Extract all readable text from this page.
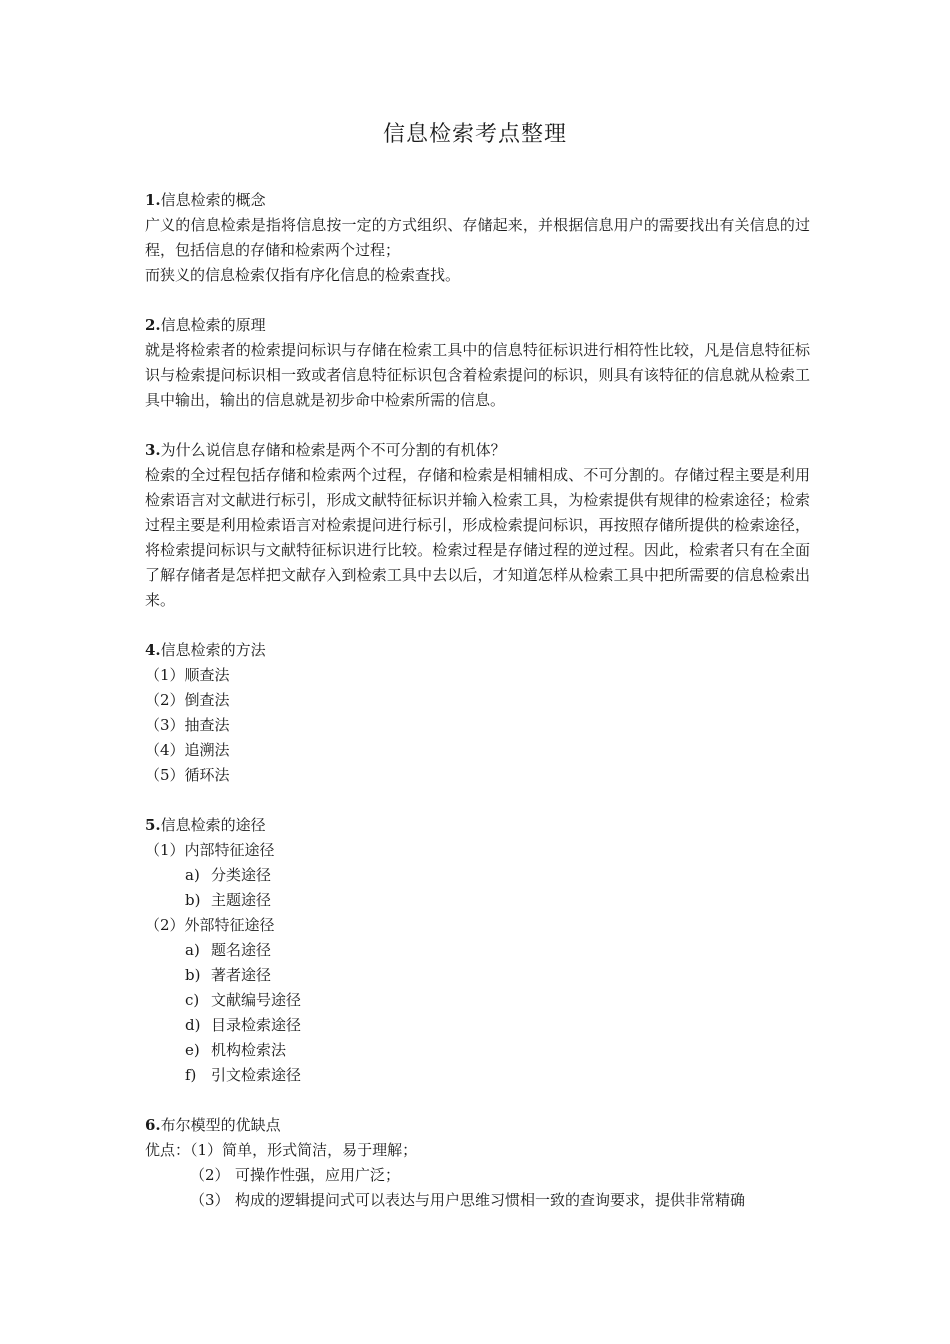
信息检索考点整理

1.信息检索的概念

广义的信息检索是指将信息按一定的方式组织、存储起来，并根据信息用户的需要找出有关信息的过程，包括信息的存储和检索两个过程；

而狭义的信息检索仅指有序化信息的检索查找。

2.信息检索的原理

就是将检索者的检索提问标识与存储在检索工具中的信息特征标识进行相符性比较，凡是信息特征标识与检索提问标识相一致或者信息特征标识包含着检索提问的标识，则具有该特征的信息就从检索工具中输出，输出的信息就是初步命中检索所需的信息。

3.为什么说信息存储和检索是两个不可分割的有机体？

检索的全过程包括存储和检索两个过程，存储和检索是相辅相成、不可分割的。存储过程主要是利用检索语言对文献进行标引，形成文献特征标识并输入检索工具，为检索提供有规律的检索途径；检索过程主要是利用检索语言对检索提问进行标引，形成检索提问标识，再按照存储所提供的检索途径，将检索提问标识与文献特征标识进行比较。检索过程是存储过程的逆过程。因此，检索者只有在全面了解存储者是怎样把文献存入到检索工具中去以后，才知道怎样从检索工具中把所需要的信息检索出来。

4.信息检索的方法

（1）顺查法
（2）倒查法
（3）抽查法
（4）追溯法
（5）循环法

5.信息检索的途径

（1）内部特征途径
a) 分类途径
b) 主题途径
（2）外部特征途径
a) 题名途径
b) 著者途径
c) 文献编号途径
d) 目录检索途径
e) 机构检索法
f) 引文检索途径

6.布尔模型的优缺点

优点：（1）简单，形式简洁，易于理解；

（2） 可操作性强，应用广泛；

（3） 构成的逻辑提问式可以表达与用户思维习惯相一致的查询要求，提供非常精确
